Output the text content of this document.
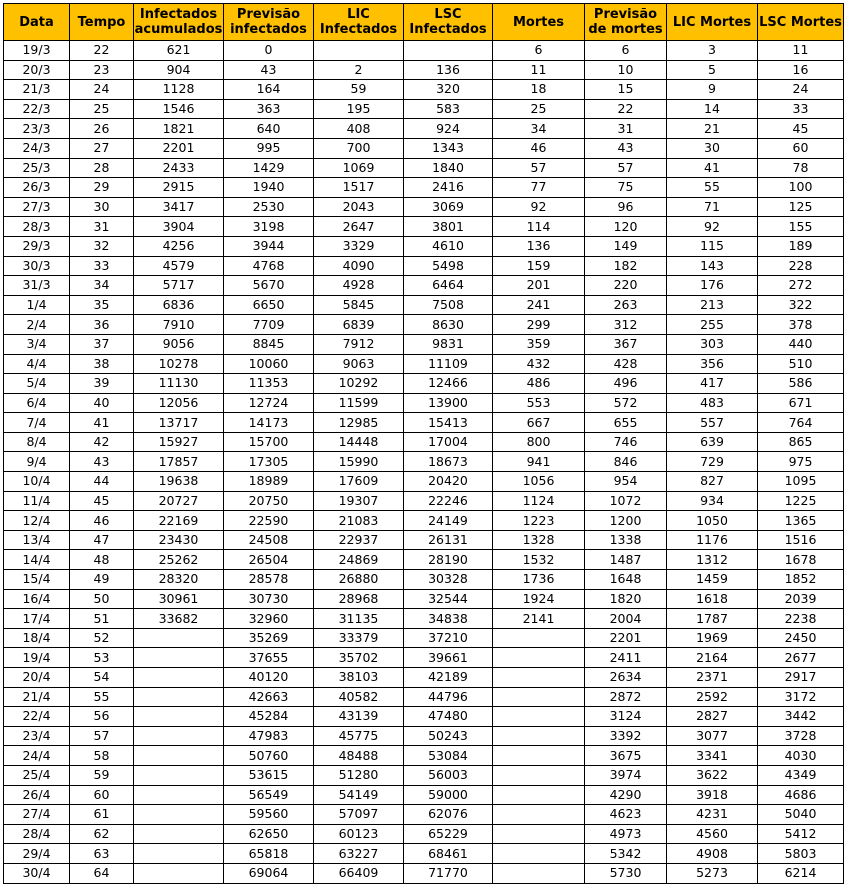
Data	Tempo	Infectados acumulados	Previsão infectados	LIC Infectados	LSC Infectados	Mortes	Previsão de mortes	LIC Mortes	LSC Mortes
19/3	22	621	0			6	6	3	11
20/3	23	904	43	2	136	11	10	5	16
21/3	24	1128	164	59	320	18	15	9	24
22/3	25	1546	363	195	583	25	22	14	33
23/3	26	1821	640	408	924	34	31	21	45
24/3	27	2201	995	700	1343	46	43	30	60
25/3	28	2433	1429	1069	1840	57	57	41	78
26/3	29	2915	1940	1517	2416	77	75	55	100
27/3	30	3417	2530	2043	3069	92	96	71	125
28/3	31	3904	3198	2647	3801	114	120	92	155
29/3	32	4256	3944	3329	4610	136	149	115	189
30/3	33	4579	4768	4090	5498	159	182	143	228
31/3	34	5717	5670	4928	6464	201	220	176	272
1/4	35	6836	6650	5845	7508	241	263	213	322
2/4	36	7910	7709	6839	8630	299	312	255	378
3/4	37	9056	8845	7912	9831	359	367	303	440
4/4	38	10278	10060	9063	11109	432	428	356	510
5/4	39	11130	11353	10292	12466	486	496	417	586
6/4	40	12056	12724	11599	13900	553	572	483	671
7/4	41	13717	14173	12985	15413	667	655	557	764
8/4	42	15927	15700	14448	17004	800	746	639	865
9/4	43	17857	17305	15990	18673	941	846	729	975
10/4	44	19638	18989	17609	20420	1056	954	827	1095
11/4	45	20727	20750	19307	22246	1124	1072	934	1225
12/4	46	22169	22590	21083	24149	1223	1200	1050	1365
13/4	47	23430	24508	22937	26131	1328	1338	1176	1516
14/4	48	25262	26504	24869	28190	1532	1487	1312	1678
15/4	49	28320	28578	26880	30328	1736	1648	1459	1852
16/4	50	30961	30730	28968	32544	1924	1820	1618	2039
17/4	51	33682	32960	31135	34838	2141	2004	1787	2238
18/4	52		35269	33379	37210		2201	1969	2450
19/4	53		37655	35702	39661		2411	2164	2677
20/4	54		40120	38103	42189		2634	2371	2917
21/4	55		42663	40582	44796		2872	2592	3172
22/4	56		45284	43139	47480		3124	2827	3442
23/4	57		47983	45775	50243		3392	3077	3728
24/4	58		50760	48488	53084		3675	3341	4030
25/4	59		53615	51280	56003		3974	3622	4349
26/4	60		56549	54149	59000		4290	3918	4686
27/4	61		59560	57097	62076		4623	4231	5040
28/4	62		62650	60123	65229		4973	4560	5412
29/4	63		65818	63227	68461		5342	4908	5803
30/4	64		69064	66409	71770		5730	5273	6214
